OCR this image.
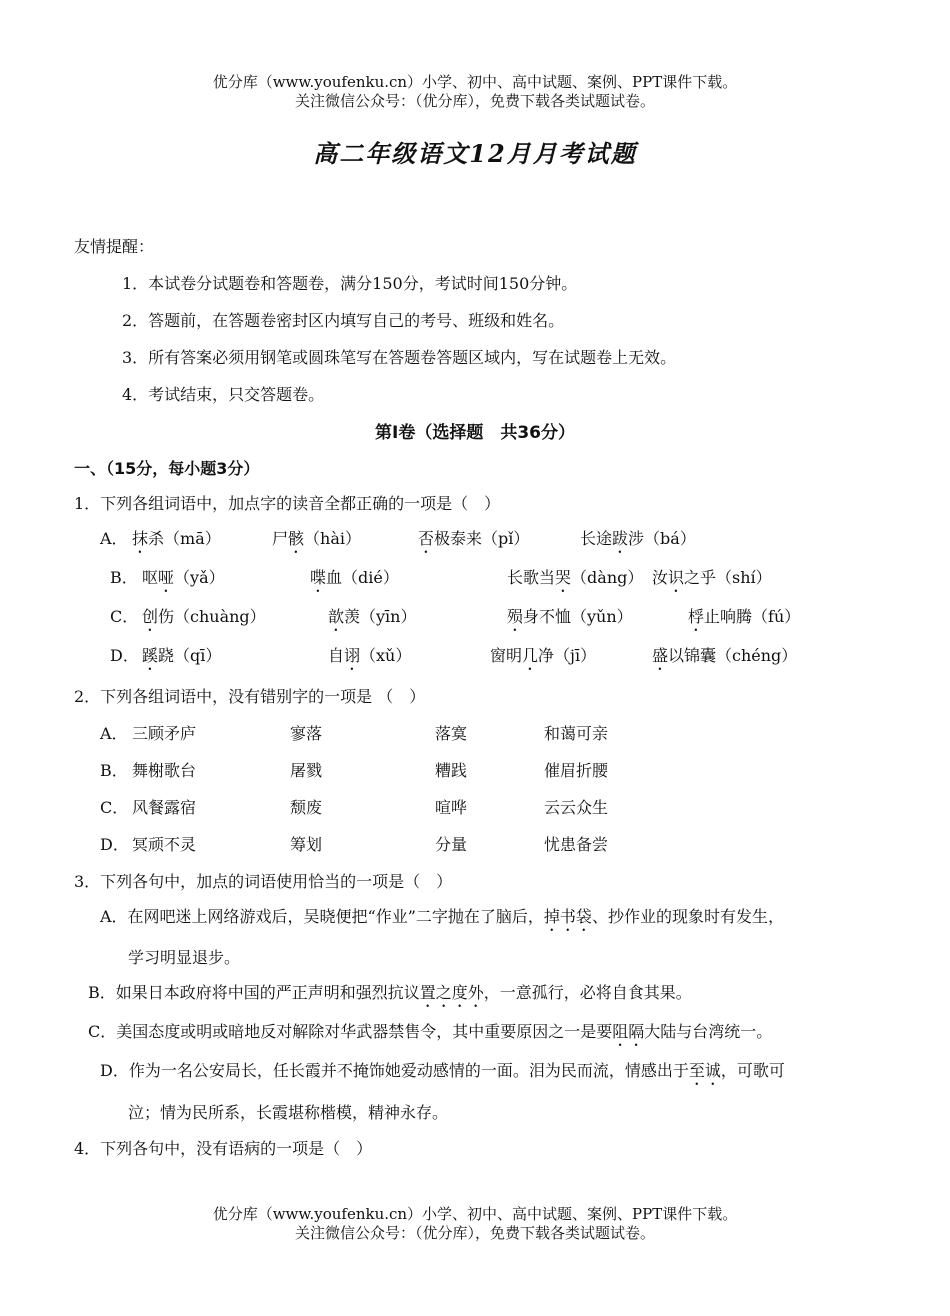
优分库（www.youfenku.cn）小学、初中、高中试题、案例、PPT课件下载。
关注微信公众号：（优分库），免费下载各类试题试卷。
高二年级语文12月月考试题
友情提醒：
1．本试卷分试题卷和答题卷，满分150分，考试时间150分钟。
2．答题前，在答题卷密封区内填写自己的考号、班级和姓名。
3．所有答案必须用钢笔或圆珠笔写在答题卷答题区域内，写在试题卷上无效。
4．考试结束，只交答题卷。
第Ⅰ卷（选择题　共36分）
一、（15分，每小题3分）
1．下列各组词语中，加点字的读音全都正确的一项是（　）
A． 抹杀（mā）	尸骸（hài）	否极泰来（pǐ）	长途跋涉（bá）
B． 呕哑（yǎ）	喋血（dié）	长歌当哭（dàng） 汝识之乎（shí）
C． 创伤（chuàng）	歆羡（yīn）	殒身不恤（yǔn）	桴止响腾（fú）
D． 蹊跷（qī）	自诩（xǔ）	窗明几净（jī）	盛以锦囊（chéng）
2．下列各组词语中，没有错别字的一项是 （　）
A． 三顾矛庐	寥落	落寞	和蔼可亲
B． 舞榭歌台	屠戮	糟践	催眉折腰
C． 风餐露宿	颓废	喧哗	云云众生
D． 冥顽不灵	筹划	分量	忧患备尝
3．下列各句中，加点的词语使用恰当的一项是（　）
A．在网吧迷上网络游戏后，吴晓便把“作业”二字抛在了脑后，掉书袋、抄作业的现象时有发生，
学习明显退步。
B．如果日本政府将中国的严正声明和强烈抗议置之度外，一意孤行，必将自食其果。
C．美国态度或明或暗地反对解除对华武器禁售令，其中重要原因之一是要阻隔大陆与台湾统一。
D．作为一名公安局长，任长霞并不掩饰她爱动感情的一面。泪为民而流，情感出于至诚，可歌可
泣；情为民所系，长霞堪称楷模，精神永存。
4．下列各句中，没有语病的一项是（　）
优分库（www.youfenku.cn）小学、初中、高中试题、案例、PPT课件下载。
关注微信公众号：（优分库），免费下载各类试题试卷。
